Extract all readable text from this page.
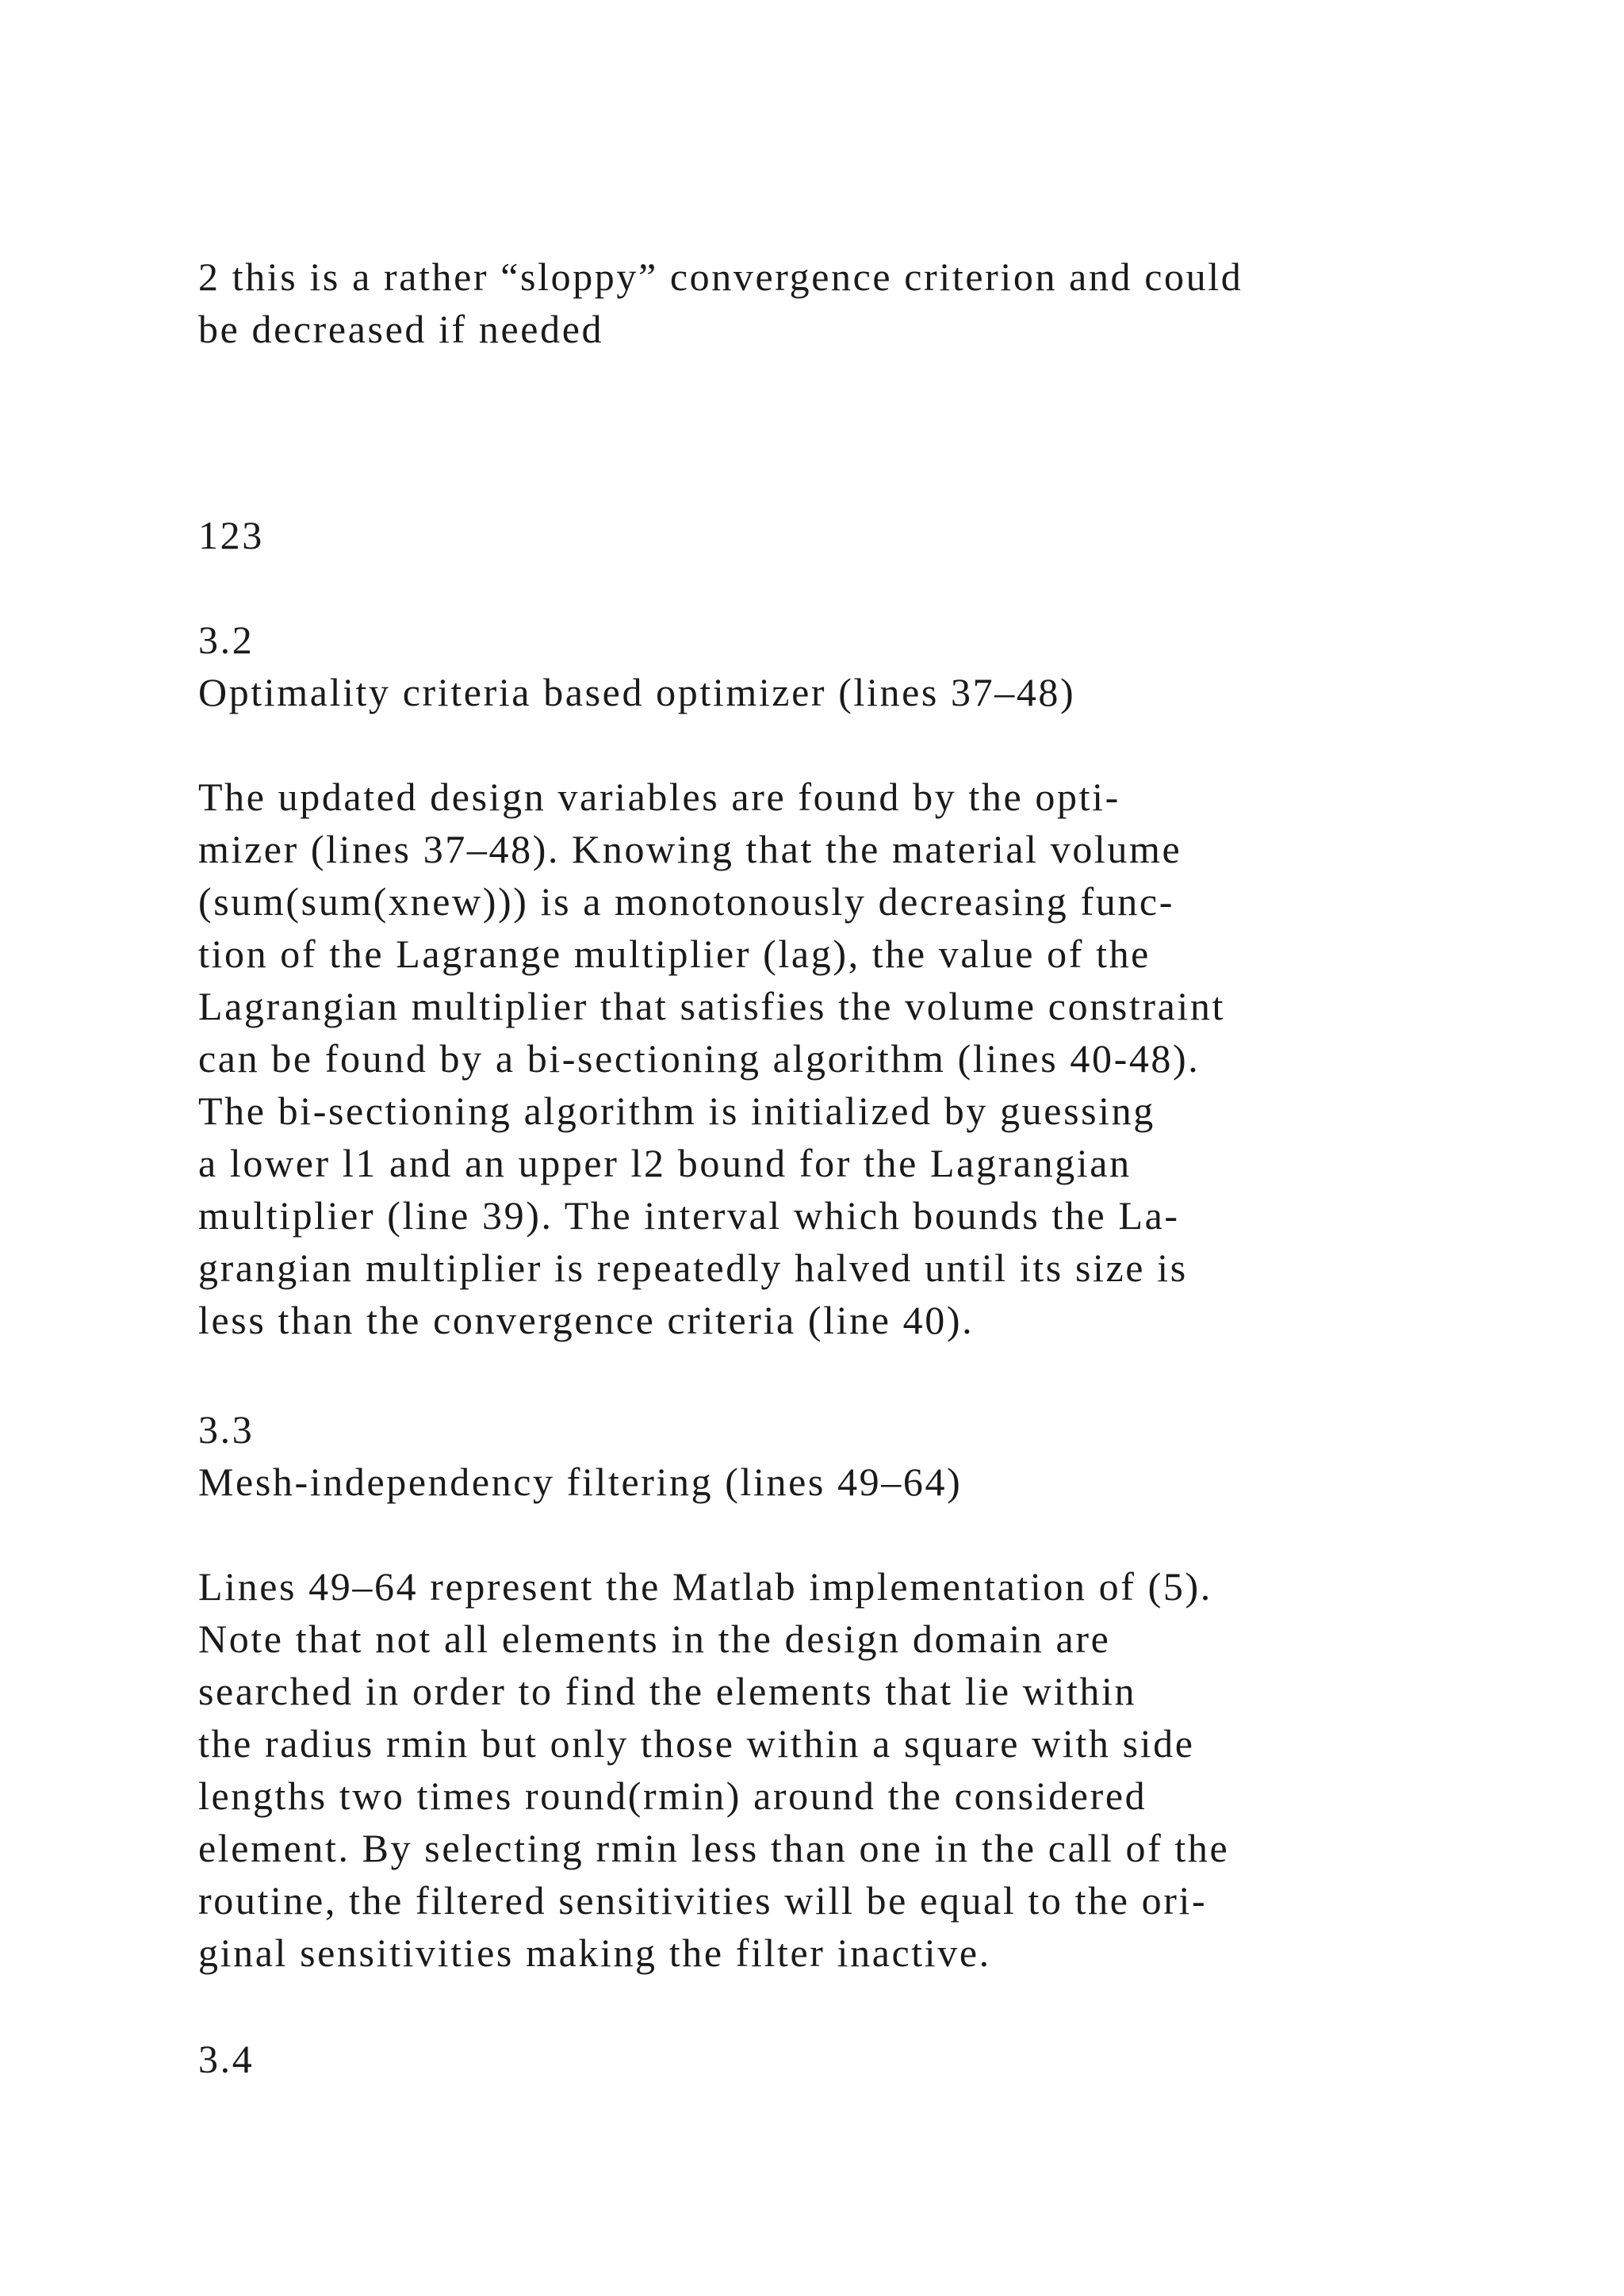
2 this is a rather “sloppy” convergence criterion and could
be decreased if needed
123
3.2
Optimality criteria based optimizer (lines 37–48)
The updated design variables are found by the opti-
mizer (lines 37–48). Knowing that the material volume
(sum(sum(xnew))) is a monotonously decreasing func-
tion of the Lagrange multiplier (lag), the value of the
Lagrangian multiplier that satisfies the volume constraint
can be found by a bi-sectioning algorithm (lines 40-48).
The bi-sectioning algorithm is initialized by guessing
a lower l1 and an upper l2 bound for the Lagrangian
multiplier (line 39). The interval which bounds the La-
grangian multiplier is repeatedly halved until its size is
less than the convergence criteria (line 40).
3.3
Mesh-independency filtering (lines 49–64)
Lines 49–64 represent the Matlab implementation of (5).
Note that not all elements in the design domain are
searched in order to find the elements that lie within
the radius rmin but only those within a square with side
lengths two times round(rmin) around the considered
element. By selecting rmin less than one in the call of the
routine, the filtered sensitivities will be equal to the ori-
ginal sensitivities making the filter inactive.
3.4
